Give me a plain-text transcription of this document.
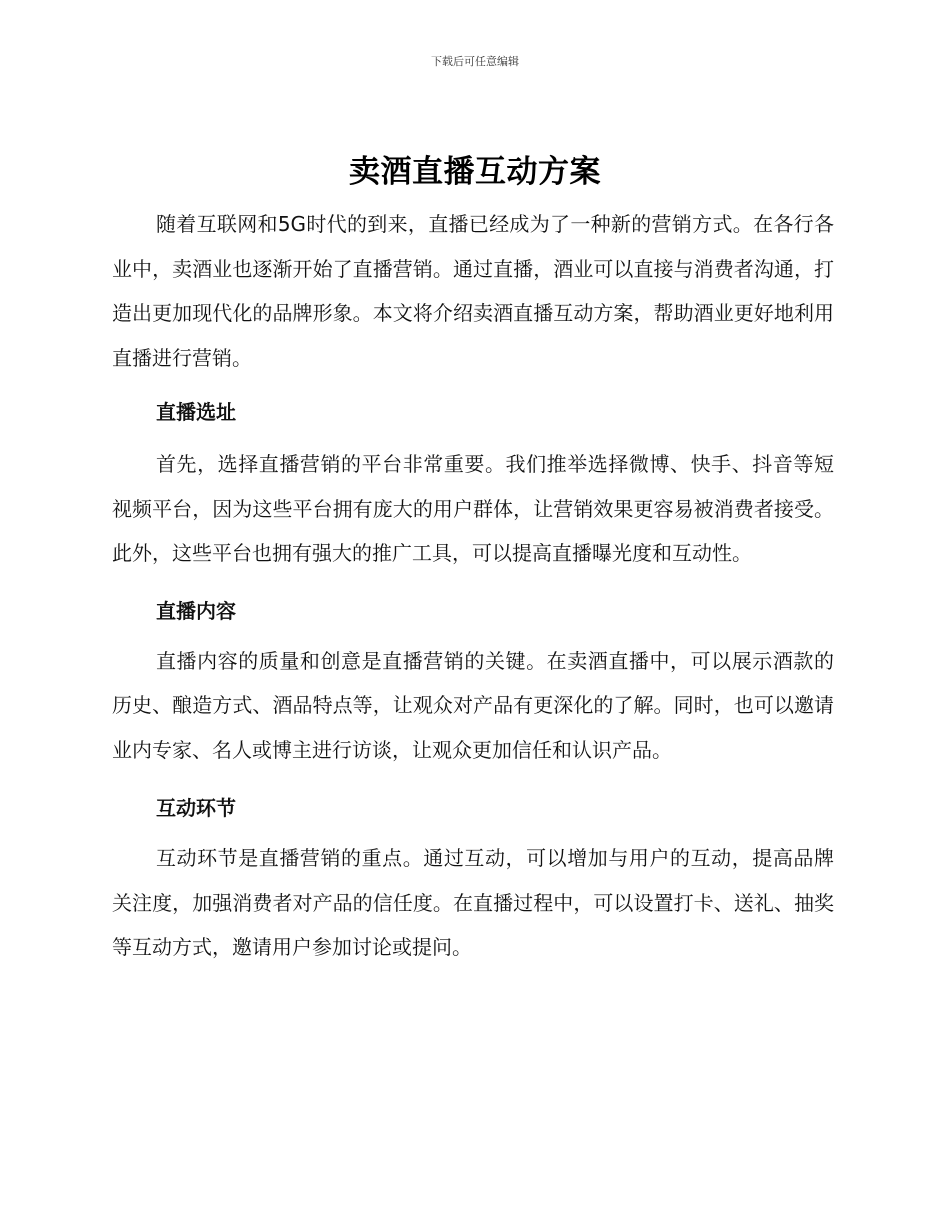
下载后可任意编辑
卖酒直播互动方案

随着互联网和5G时代的到来，直播已经成为了一种新的营销方式。在各行各业中，卖酒业也逐渐开始了直播营销。通过直播，酒业可以直接与消费者沟通，打造出更加现代化的品牌形象。本文将介绍卖酒直播互动方案，帮助酒业更好地利用直播进行营销。

直播选址

首先，选择直播营销的平台非常重要。我们推举选择微博、快手、抖音等短视频平台，因为这些平台拥有庞大的用户群体，让营销效果更容易被消费者接受。此外，这些平台也拥有强大的推广工具，可以提高直播曝光度和互动性。

直播内容

直播内容的质量和创意是直播营销的关键。在卖酒直播中，可以展示酒款的历史、酿造方式、酒品特点等，让观众对产品有更深化的了解。同时，也可以邀请业内专家、名人或博主进行访谈，让观众更加信任和认识产品。

互动环节

互动环节是直播营销的重点。通过互动，可以增加与用户的互动，提高品牌关注度，加强消费者对产品的信任度。在直播过程中，可以设置打卡、送礼、抽奖等互动方式，邀请用户参加讨论或提问。
